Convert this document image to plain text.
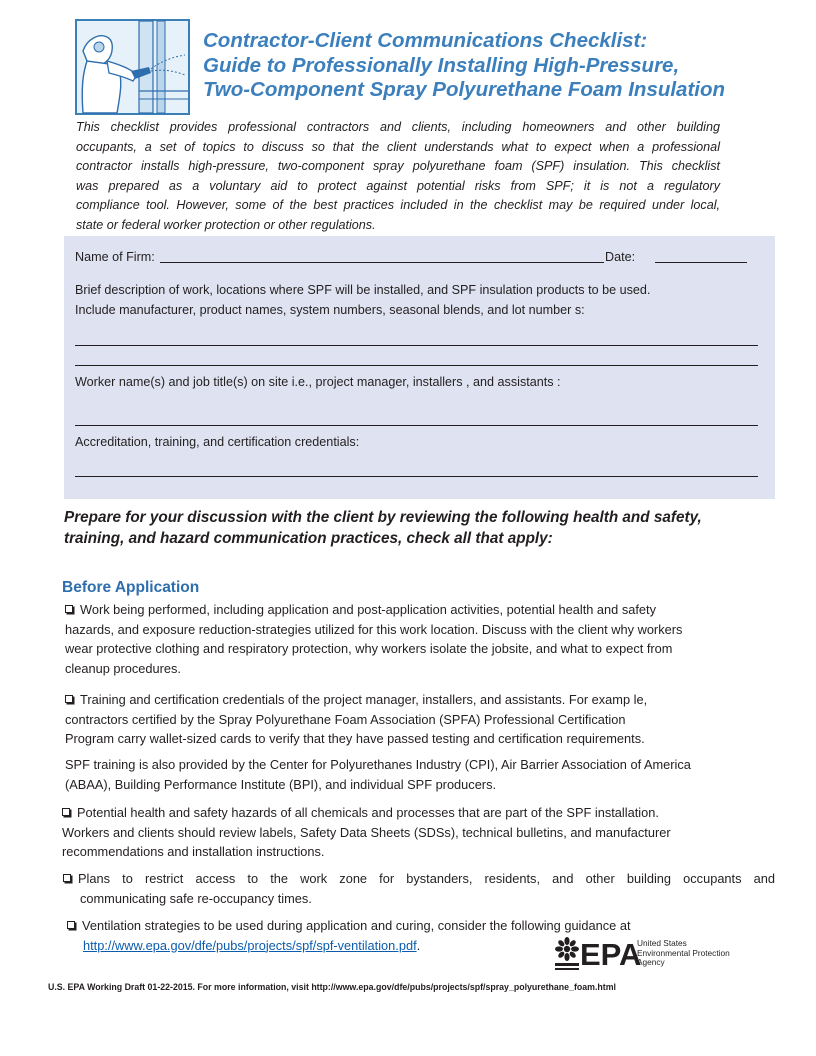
Contractor-Client Communications Checklist:
Guide to Professionally Installing High-Pressure,
Two-Component Spray Polyurethane Foam Insulation

This checklist provides professional contractors and clients, including homeowners and other building
occupants, a set of topics to discuss so that the client understands what to expect when a professional
contractor installs high-pressure, two-component spray polyurethane foam (SPF) insulation. This checklist
was prepared as a voluntary aid to protect against potential risks from SPF; it is not a regulatory
compliance tool. However, some of the best practices included in the checklist may be required under local,
state or federal worker protection or other regulations.

Name of Firm:	Date:
Brief description of work, locations where SPF will be installed, and SPF insulation products to be used.
Include manufacturer, product names, system numbers, seasonal blends, and lot number s:
Worker name(s) and job title(s) on site i.e., project manager, installers , and assistants :
Accreditation, training, and certification credentials:

Prepare for your discussion with the client by reviewing the following health and safety,
training, and hazard communication practices, check all that apply:

Before Application
Work being performed, including application and post-application activities, potential health and safety
hazards, and exposure reduction-strategies utilized for this work location. Discuss with the client why workers
wear protective clothing and respiratory protection, why workers isolate the jobsite, and what to expect from
cleanup procedures.
Training and certification credentials of the project manager, installers, and assistants. For examp le,
contractors certified by the Spray Polyurethane Foam Association (SPFA) Professional Certification
Program carry wallet-sized cards to verify that they have passed testing and certification requirements.
SPF training is also provided by the Center for Polyurethanes Industry (CPI), Air Barrier Association of America
(ABAA), Building Performance Institute (BPI), and individual SPF producers.
Potential health and safety hazards of all chemicals and processes that are part of the SPF installation.
Workers and clients should review labels, Safety Data Sheets (SDSs), technical bulletins, and manufacturer
recommendations and installation instructions.
Plans to restrict access to the work zone for bystanders, residents, and other building occupants and
communicating safe re-occupancy times.
Ventilation strategies to be used during application and curing, consider the following guidance at
http://www.epa.gov/dfe/pubs/projects/spf/spf-ventilation.pdf.	EPA
United States
Environmental Protection
Agency
U.S. EPA Working Draft 01-22-2015. For more information, visit http://www.epa.gov/dfe/pubs/projects/spf/spray_polyurethane_foam.html
